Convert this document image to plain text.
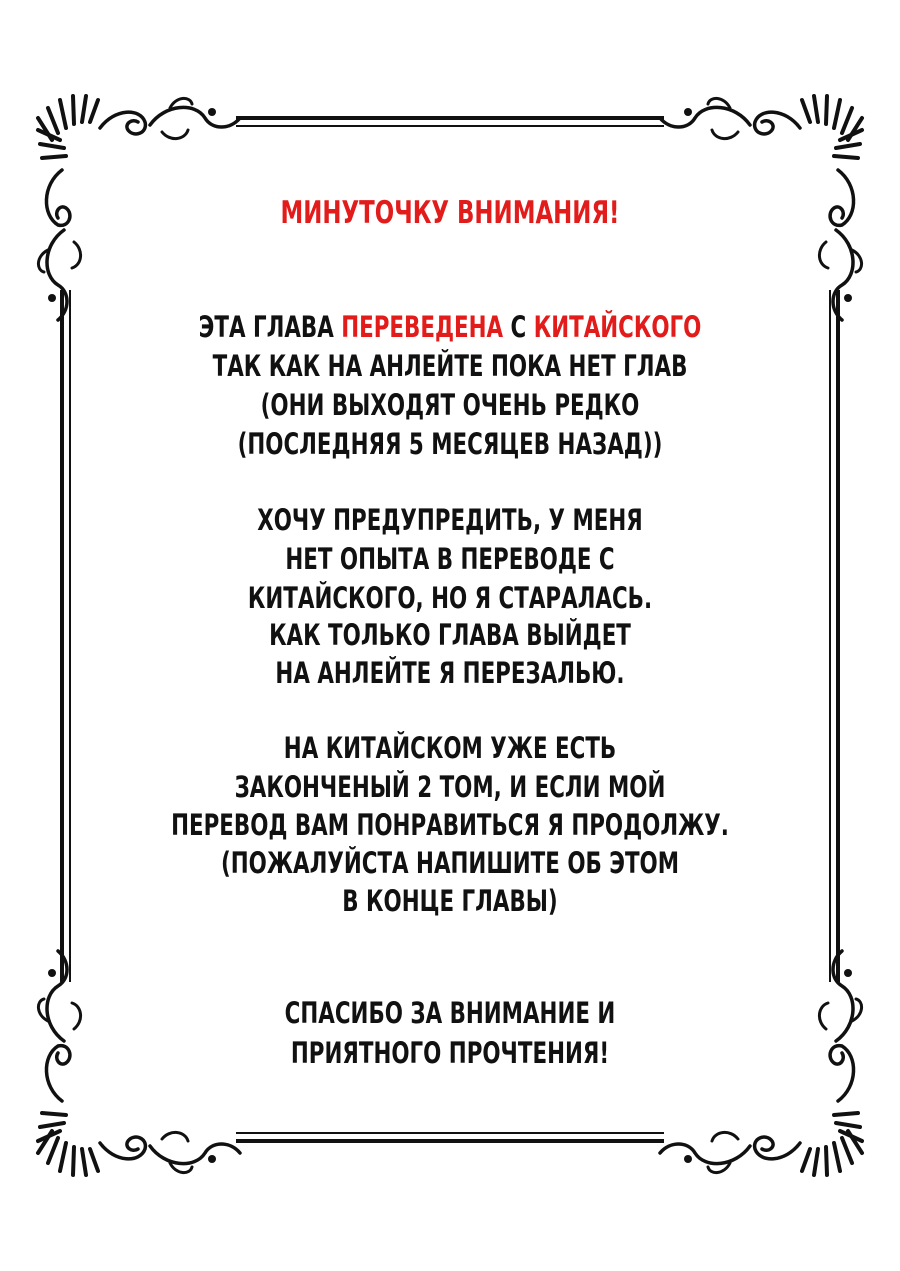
МИНУТОЧКУ ВНИМАНИЯ!
ЭТА ГЛАВА ПЕРЕВЕДЕНА С КИТАЙСКОГО
ТАК КАК НА АНЛЕЙТЕ ПОКА НЕТ ГЛАВ
(ОНИ ВЫХОДЯТ ОЧЕНЬ РЕДКО
(ПОСЛЕДНЯЯ 5 МЕСЯЦЕВ НАЗАД))
ХОЧУ ПРЕДУПРЕДИТЬ, У МЕНЯ
НЕТ ОПЫТА В ПЕРЕВОДЕ С
КИТАЙСКОГО, НО Я СТАРАЛАСЬ.
КАК ТОЛЬКО ГЛАВА ВЫЙДЕТ
НА АНЛЕЙТЕ Я ПЕРЕЗАЛЬЮ.
НА КИТАЙСКОМ УЖЕ ЕСТЬ
ЗАКОНЧЕНЫЙ 2 ТОМ, И ЕСЛИ МОЙ
ПЕРЕВОД ВАМ ПОНРАВИТЬСЯ Я ПРОДОЛЖУ.
(ПОЖАЛУЙСТА НАПИШИТЕ ОБ ЭТОМ
В КОНЦЕ ГЛАВЫ)
СПАСИБО ЗА ВНИМАНИЕ И
ПРИЯТНОГО ПРОЧТЕНИЯ!
